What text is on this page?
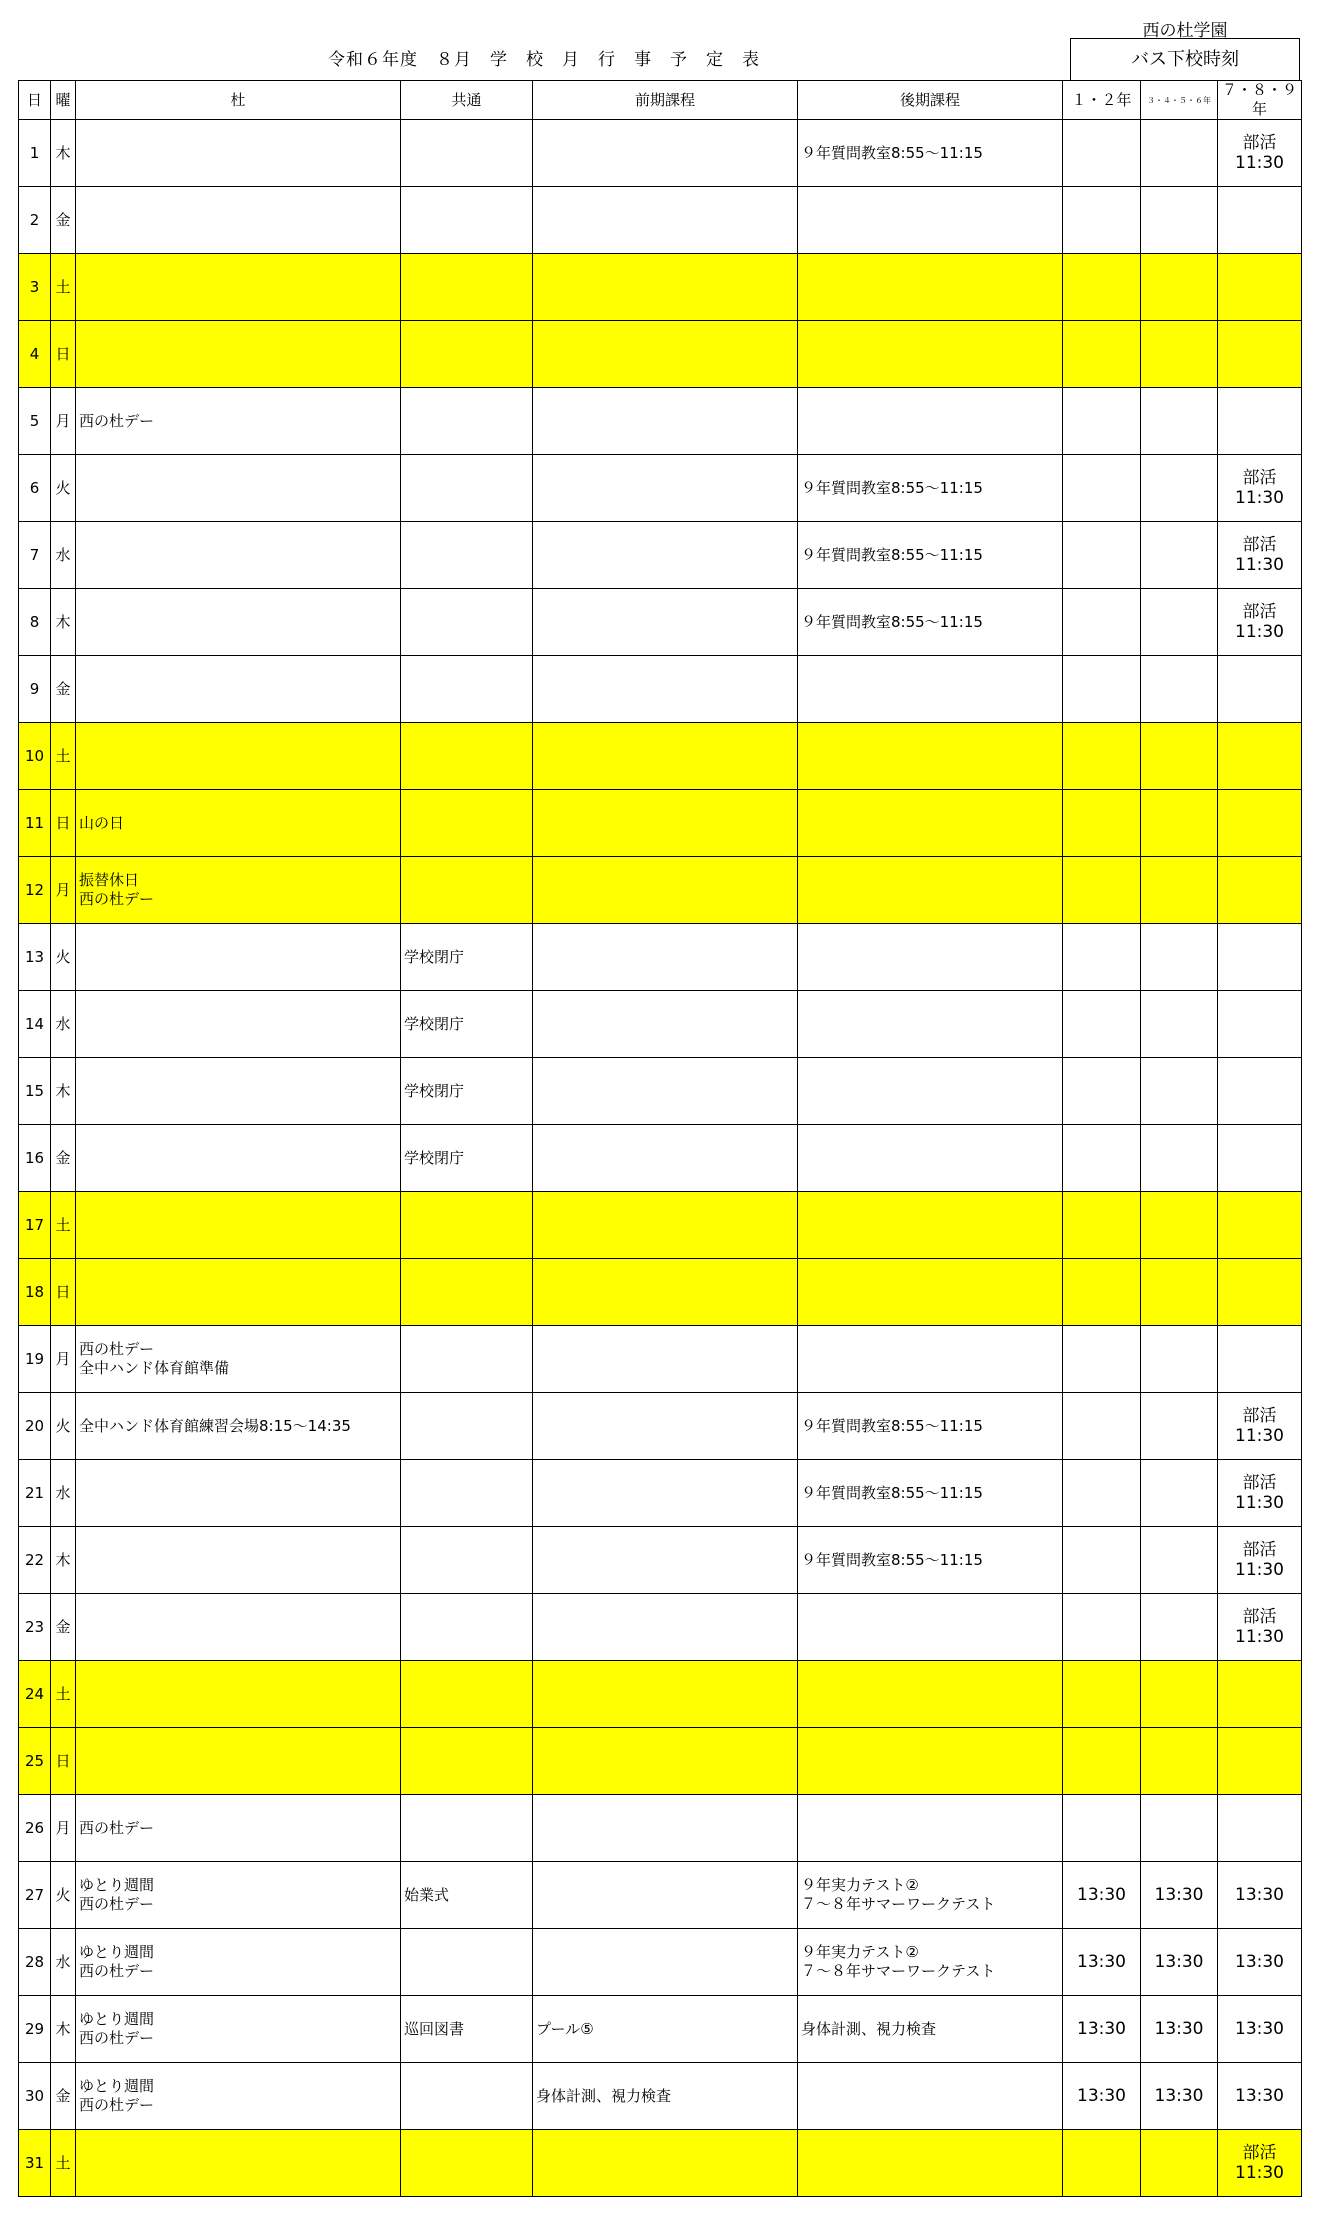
西の杜学園
令和６年度　８月　学　校　月　行　事　予　定　表	バス下校時刻
日	曜	杜	共通	前期課程	後期課程	１・２年	３・４・５・６年	７・８・９年
1	木				９年質問教室8:55～11:15			部活
11:30
2	金							
3	土							
4	日							
5	月	西の杜デー						
6	火				９年質問教室8:55～11:15			部活
11:30
7	水				９年質問教室8:55～11:15			部活
11:30
8	木				９年質問教室8:55～11:15			部活
11:30
9	金							
10	土							
11	日	山の日						
12	月	振替休日
西の杜デー						
13	火		学校閉庁					
14	水		学校閉庁					
15	木		学校閉庁					
16	金		学校閉庁					
17	土							
18	日							
19	月	西の杜デー
全中ハンド体育館準備						
20	火	全中ハンド体育館練習会場8:15～14:35			９年質問教室8:55～11:15			部活
11:30
21	水				９年質問教室8:55～11:15			部活
11:30
22	木				９年質問教室8:55～11:15			部活
11:30
23	金							部活
11:30
24	土							
25	日							
26	月	西の杜デー						
27	火	ゆとり週間
西の杜デー	始業式		９年実力テスト②
７～８年サマーワークテスト	13:30	13:30	13:30
28	水	ゆとり週間
西の杜デー			９年実力テスト②
７～８年サマーワークテスト	13:30	13:30	13:30
29	木	ゆとり週間
西の杜デー	巡回図書	プール⑤	身体計測、視力検査	13:30	13:30	13:30
30	金	ゆとり週間
西の杜デー		身体計測、視力検査		13:30	13:30	13:30
31	土							部活
11:30
